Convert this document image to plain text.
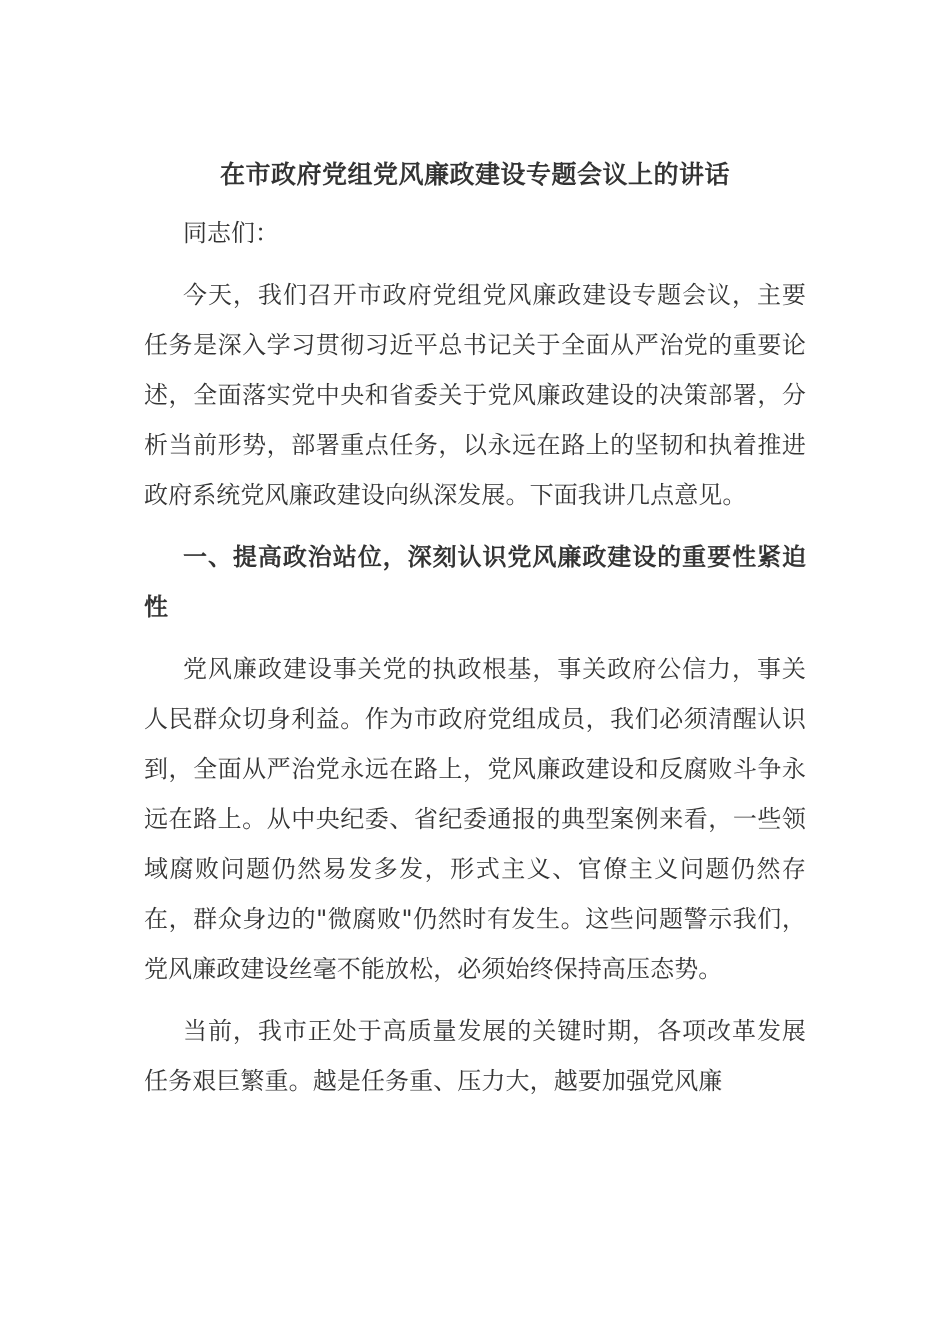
在市政府党组党风廉政建设专题会议上的讲话

同志们：

今天，我们召开市政府党组党风廉政建设专题会议，主要任务是深入学习贯彻习近平总书记关于全面从严治党的重要论述，全面落实党中央和省委关于党风廉政建设的决策部署，分析当前形势，部署重点任务，以永远在路上的坚韧和执着推进政府系统党风廉政建设向纵深发展。下面我讲几点意见。

一、提高政治站位，深刻认识党风廉政建设的重要性紧迫性

党风廉政建设事关党的执政根基，事关政府公信力，事关人民群众切身利益。作为市政府党组成员，我们必须清醒认识到，全面从严治党永远在路上，党风廉政建设和反腐败斗争永远在路上。从中央纪委、省纪委通报的典型案例来看，一些领域腐败问题仍然易发多发，形式主义、官僚主义问题仍然存在，群众身边的"微腐败"仍然时有发生。这些问题警示我们，党风廉政建设丝毫不能放松，必须始终保持高压态势。

当前，我市正处于高质量发展的关键时期，各项改革发展任务艰巨繁重。越是任务重、压力大，越要加强党风廉
